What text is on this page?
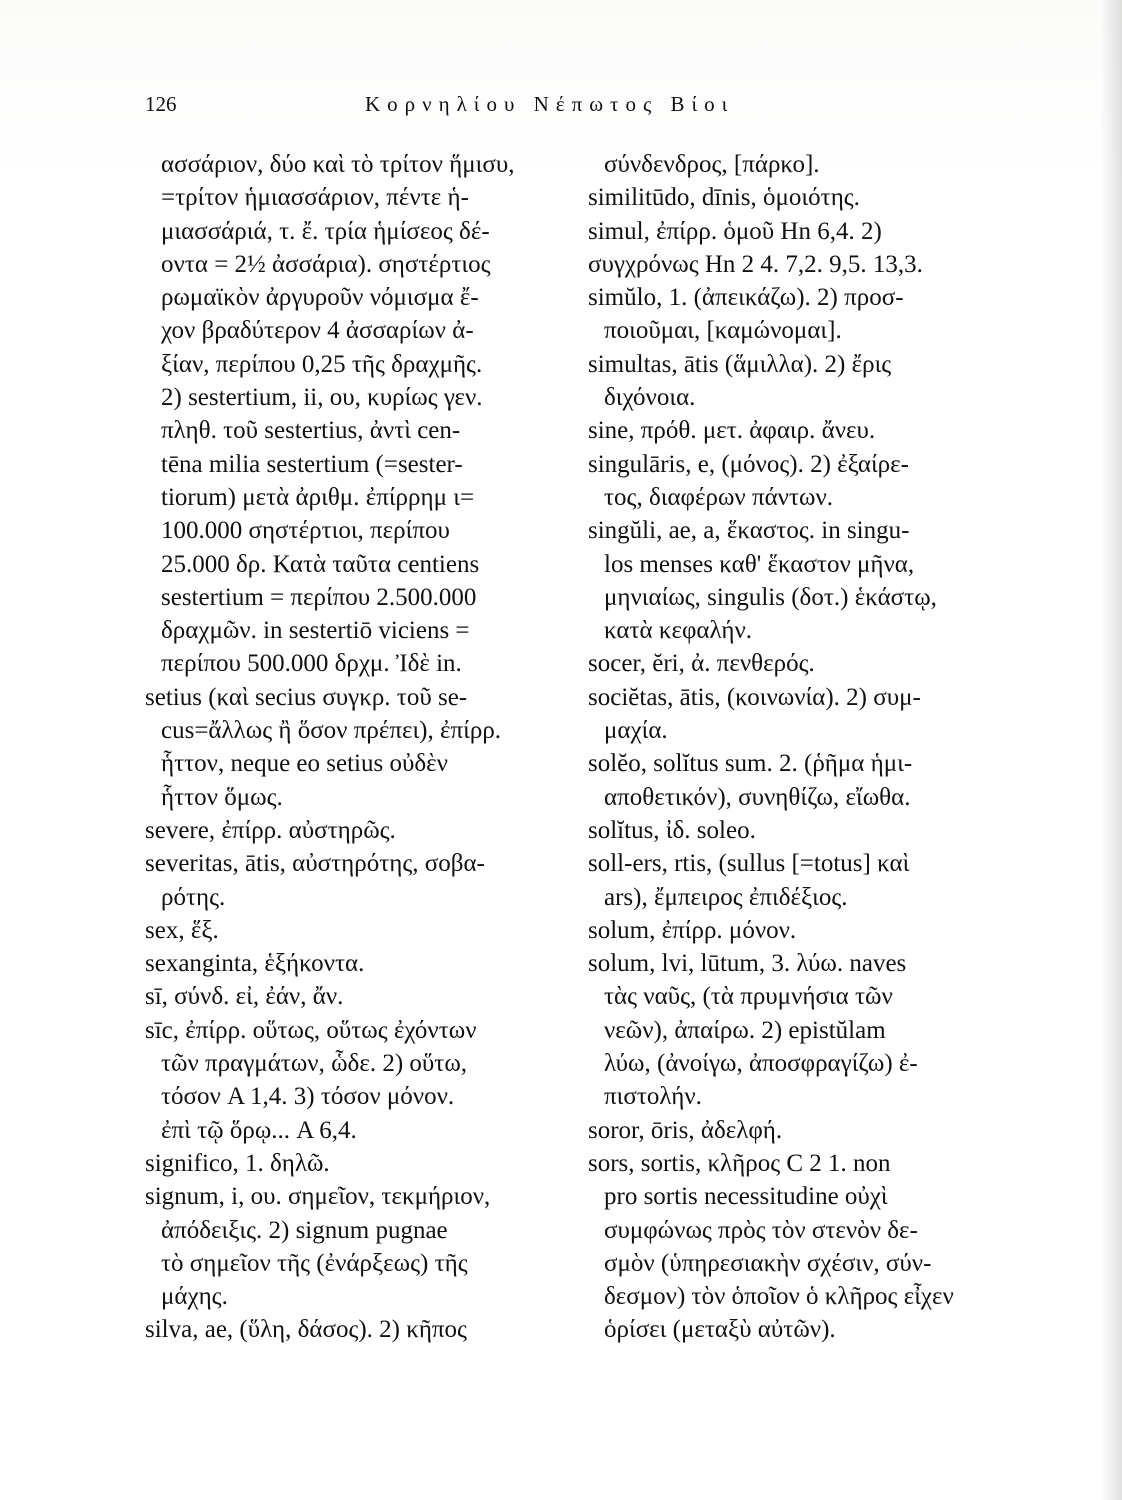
126	Κορνηλίου Νέπωτος Βίοι
ασσάριον, δύο καὶ τὸ τρίτον ἥμισυ,
=τρίτον ἡμιασσάριον, πέντε ἡ-
μιασσάριά, τ. ἔ. τρία ἡμίσεος δέ-
οντα = 2½ ἀσσάρια). σηστέρτιος
ρωμαϊκὸν ἀργυροῦν νόμισμα ἔ-
χον βραδύτερον 4 ἀσσαρίων ἀ-
ξίαν, περίπου 0,25 τῆς δραχμῆς.
2) sestertium, ii, ου, κυρίως γεν.
πληθ. τοῦ sestertius, ἀντὶ cen-
tēna milia sestertium (=sester-
tiorum) μετὰ ἀριθμ. ἐπίρρημ ι=
100.000 σηστέρτιοι, περίπου
25.000 δρ. Κατὰ ταῦτα centiens
sestertium = περίπου 2.500.000
δραχμῶν. in sestertiō viciens =
περίπου 500.000 δρχμ. Ἰδὲ in.
setius (καὶ secius συγκρ. τοῦ se-
cus=ἄλλως ἢ ὅσον πρέπει), ἐπίρρ.
ἧττον, neque eo setius οὐδὲν
ἧττον ὅμως.
severe, ἐπίρρ. αὐστηρῶς.
severitas, ātis, αὐστηρότης, σοβα-
ρότης.
sex, ἕξ.
sexanginta, ἑξήκοντα.
sī, σύνδ. εἰ, ἐάν, ἄν.
sīc, ἐπίρρ. οὕτως, οὕτως ἐχόντων
τῶν πραγμάτων, ὧδε. 2) οὕτω,
τόσον A 1,4. 3) τόσον μόνον.
ἐπὶ τῷ ὅρῳ... A 6,4.
significo, 1. δηλῶ.
signum, i, ου. σημεῖον, τεκμήριον,
ἀπόδειξις. 2) signum pugnae
τὸ σημεῖον τῆς (ἐνάρξεως) τῆς
μάχης.
silva, ae, (ὕλη, δάσος). 2) κῆπος
σύνδενδρος, [πάρκο].
similitūdo, dīnis, ὁμοιότης.
simul, ἐπίρρ. ὁμοῦ Hn 6,4. 2)
συγχρόνως Hn 2 4. 7,2. 9,5. 13,3.
simŭlo, 1. (ἀπεικάζω). 2) προσ-
ποιοῦμαι, [καμώνομαι].
simultas, ātis (ἅμιλλα). 2) ἔρις
διχόνοια.
sine, πρόθ. μετ. ἀφαιρ. ἄνευ.
singulāris, e, (μόνος). 2) ἐξαίρε-
τος, διαφέρων πάντων.
singŭli, ae, a, ἕκαστος. in singu-
los menses καθ' ἕκαστον μῆνα,
μηνιαίως, singulis (δοτ.) ἑκάστῳ,
κατὰ κεφαλήν.
socer, ĕri, ἀ. πενθερός.
sociĕtas, ātis, (κοινωνία). 2) συμ-
μαχία.
solĕo, solĭtus sum. 2. (ῥῆμα ἡμι-
αποθετικόν), συνηθίζω, εἴωθα.
solĭtus, ἰδ. soleo.
soll-ers, rtis, (sullus [=totus] καὶ
ars), ἔμπειρος ἐπιδέξιος.
solum, ἐπίρρ. μόνον.
solum, lvi, lūtum, 3. λύω. naves
τὰς ναῦς, (τὰ πρυμνήσια τῶν
νεῶν), ἀπαίρω. 2) epistŭlam
λύω, (ἀνοίγω, ἀποσφραγίζω) ἐ-
πιστολήν.
soror, ōris, ἀδελφή.
sors, sortis, κλῆρος C 2 1. non
pro sortis necessitudine οὐχὶ
συμφώνως πρὸς τὸν στενὸν δε-
σμὸν (ὑπηρεσιακὴν σχέσιν, σύν-
δεσμον) τὸν ὁποῖον ὁ κλῆρος εἶχεν
ὁρίσει (μεταξὺ αὐτῶν).
